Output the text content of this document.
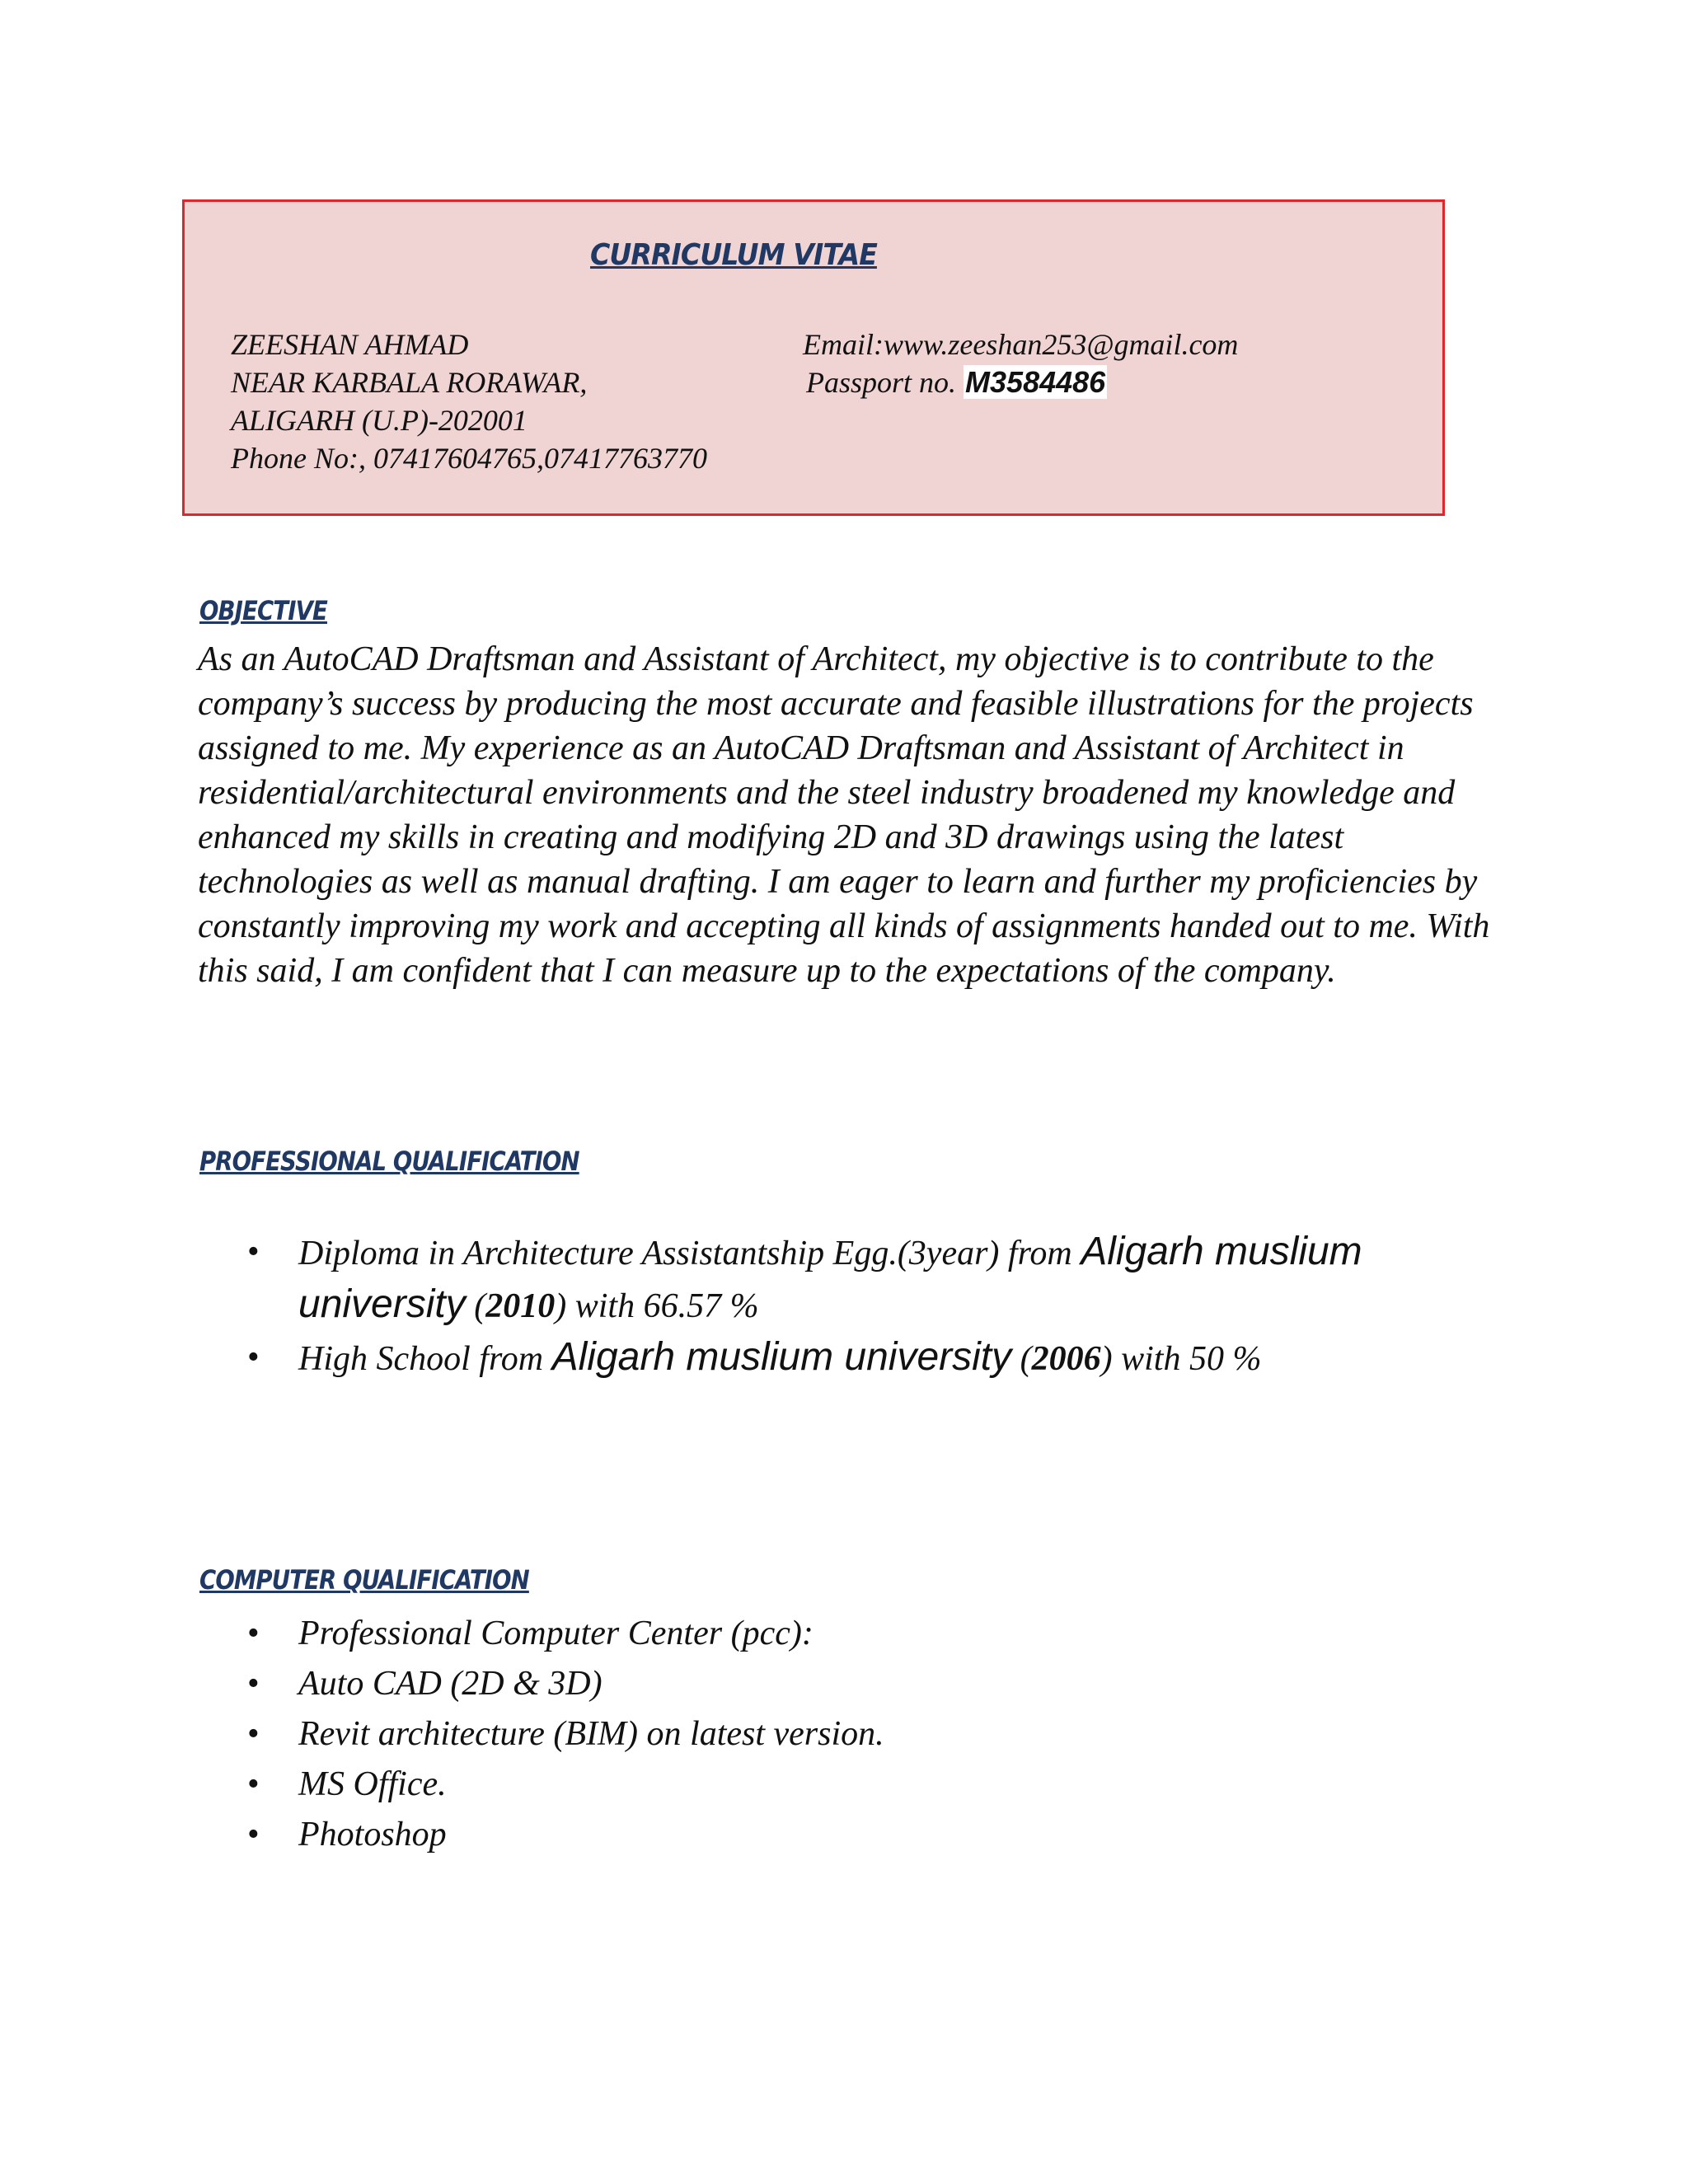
CURRICULUM VITAE
ZEESHAN AHMAD
NEAR KARBALA RORAWAR,
ALIGARH (U.P)-202001
Phone No:, 07417604765,07417763770
Email:www.zeeshan253@gmail.com
Passport no. M3584486
OBJECTIVE
As an AutoCAD Draftsman and Assistant of Architect, my objective is to contribute to the company’s success by producing the most accurate and feasible illustrations for the projects assigned to me. My experience as an AutoCAD Draftsman and Assistant of Architect in residential/architectural environments and the steel industry broadened my knowledge and enhanced my skills in creating and modifying 2D and 3D drawings using the latest technologies as well as manual drafting. I am eager to learn and further my proficiencies by constantly improving my work and accepting all kinds of assignments handed out to me. With this said, I am confident that I can measure up to the expectations of the company.
PROFESSIONAL QUALIFICATION
• Diploma in Architecture Assistantship Egg.(3year) from Aligarh muslium university (2010) with 66.57 %
• High School from Aligarh muslium university (2006) with 50 %
COMPUTER QUALIFICATION
• Professional Computer Center (pcc):
• Auto CAD (2D & 3D)
• Revit architecture (BIM) on latest version.
• MS Office.
• Photoshop
